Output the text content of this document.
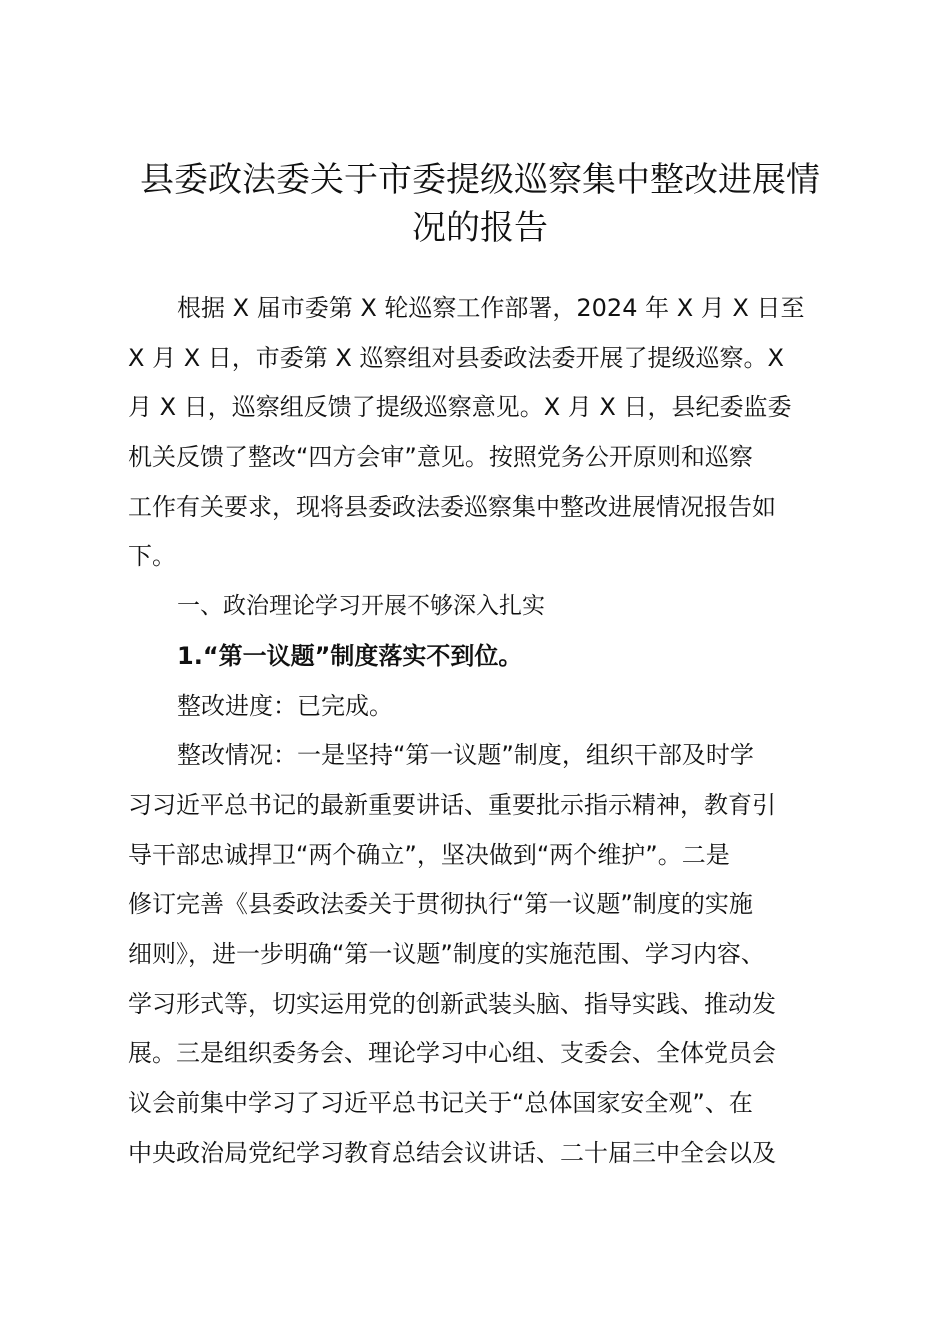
县委政法委关于市委提级巡察集中整改进展情
况的报告
根据 X 届市委第 X 轮巡察工作部署，2024 年 X 月 X 日至
X 月 X 日，市委第 X 巡察组对县委政法委开展了提级巡察。X
月 X 日，巡察组反馈了提级巡察意见。X 月 X 日，县纪委监委
机关反馈了整改“四方会审”意见。按照党务公开原则和巡察
工作有关要求，现将县委政法委巡察集中整改进展情况报告如
下。
一、政治理论学习开展不够深入扎实
1.“第一议题”制度落实不到位。
整改进度：已完成。
整改情况：一是坚持“第一议题”制度，组织干部及时学
习习近平总书记的最新重要讲话、重要批示指示精神，教育引
导干部忠诚捍卫“两个确立”，坚决做到“两个维护”。二是
修订完善《县委政法委关于贯彻执行“第一议题”制度的实施
细则》，进一步明确“第一议题”制度的实施范围、学习内容、
学习形式等，切实运用党的创新武装头脑、指导实践、推动发
展。三是组织委务会、理论学习中心组、支委会、全体党员会
议会前集中学习了习近平总书记关于“总体国家安全观”、在
中央政治局党纪学习教育总结会议讲话、二十届三中全会以及
